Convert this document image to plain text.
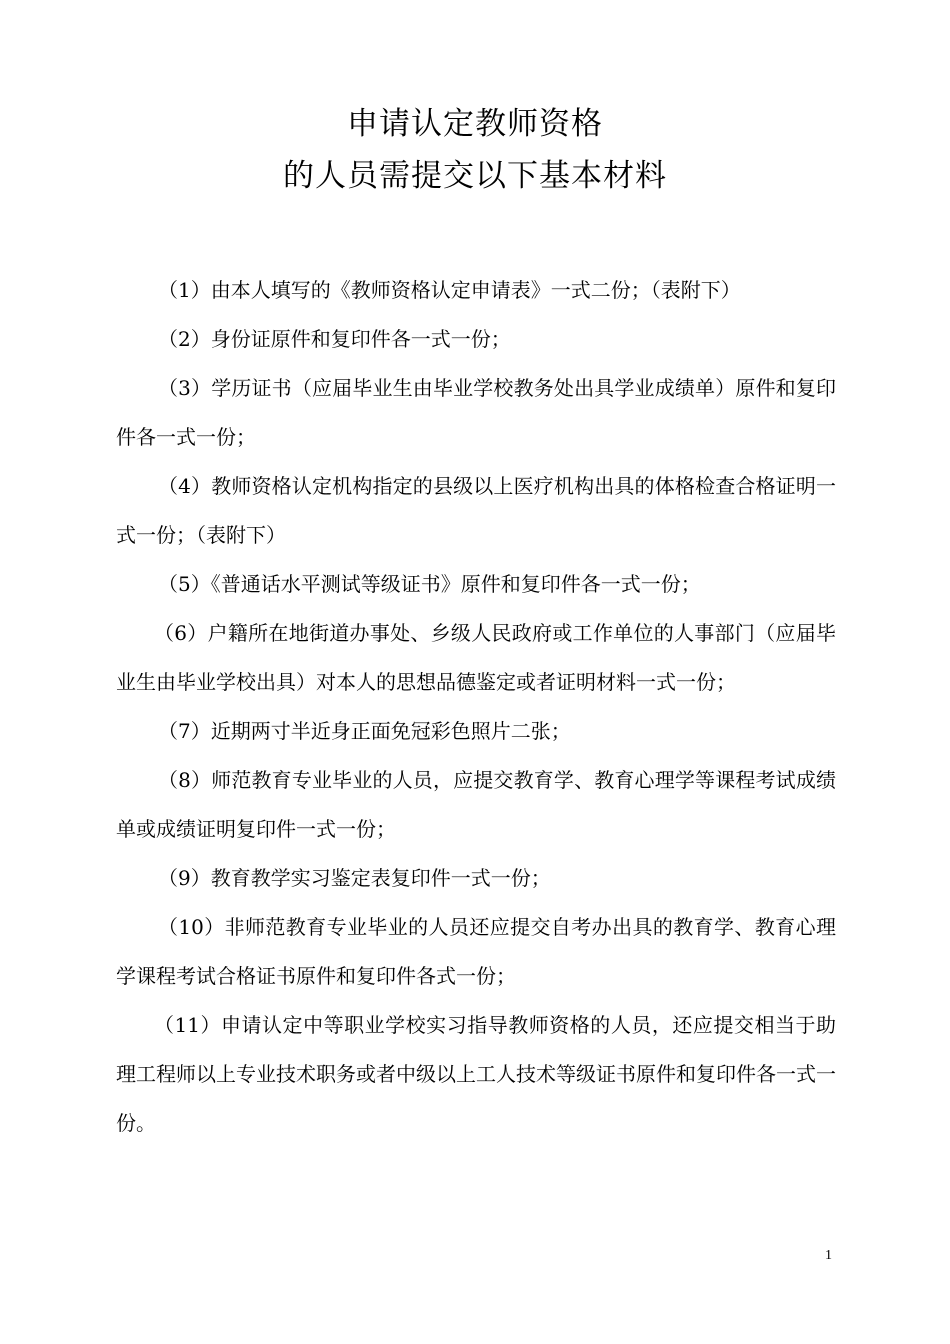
申请认定教师资格
的人员需提交以下基本材料

（1）由本人填写的《教师资格认定申请表》一式二份；（表附下）

（2）身份证原件和复印件各一式一份；

（3）学历证书（应届毕业生由毕业学校教务处出具学业成绩单）原件和复印件各一式一份；

（4）教师资格认定机构指定的县级以上医疗机构出具的体格检查合格证明一式一份；（表附下）

（5）《普通话水平测试等级证书》原件和复印件各一式一份；

（6）户籍所在地街道办事处、乡级人民政府或工作单位的人事部门（应届毕业生由毕业学校出具）对本人的思想品德鉴定或者证明材料一式一份；

（7）近期两寸半近身正面免冠彩色照片二张；

（8）师范教育专业毕业的人员，应提交教育学、教育心理学等课程考试成绩单或成绩证明复印件一式一份；

（9）教育教学实习鉴定表复印件一式一份；

（10）非师范教育专业毕业的人员还应提交自考办出具的教育学、教育心理学课程考试合格证书原件和复印件各式一份；

（11）申请认定中等职业学校实习指导教师资格的人员，还应提交相当于助理工程师以上专业技术职务或者中级以上工人技术等级证书原件和复印件各一式一份。

1
